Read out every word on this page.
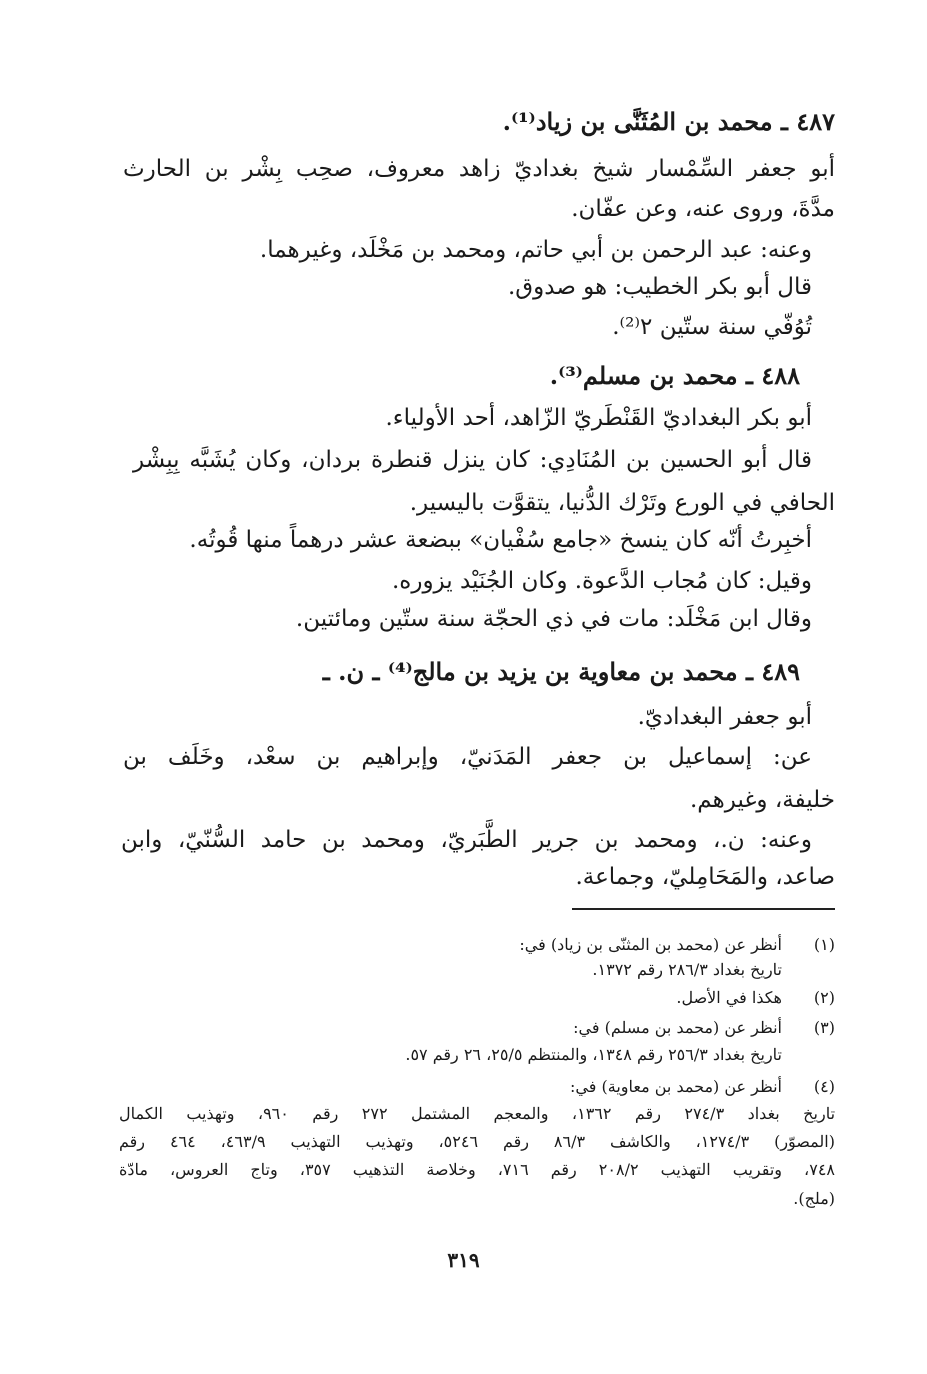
٤٨٧ ـ محمد بن المُثَنَّى بن زياد⁽¹⁾.
أبو جعفر السِّمْسار شيخ بغداديّ زاهد معروف، صحِب بِشْر بن الحارث
مدَّةَ، وروى عنه، وعن عفّان.
وعنه: عبد الرحمن بن أبي حاتم، ومحمد بن مَخْلَد، وغيرهما.
قال أبو بكر الخطيب: هو صدوق.
تُوُفّي سنة ستّين ٢⁽²⁾.
٤٨٨ ـ محمد بن مسلم⁽³⁾.
أبو بكر البغداديّ القَنْطَريّ الزّاهد، أحد الأولياء.
قال أبو الحسين بن المُنَادِي: كان ينزل قنطرة بردان، وكان يُشَبَّه بِبِشْر
الحافي في الورع وتَرْك الدُّنيا، يتقوَّت باليسير.
أخبِرتُ أنّه كان ينسخ «جامع سُفْيان» ببضعة عشر درهماً منها قُوتُه.
وقيل: كان مُجاب الدَّعوة. وكان الجُنَيْد يزوره.
وقال ابن مَخْلَد: مات في ذي الحجّة سنة ستّين ومائتين.
٤٨٩ ـ محمد بن معاوية بن يزيد بن مالج⁽⁴⁾ ـ ن. ـ
أبو جعفر البغداديّ.
عن: إسماعيل بن جعفر المَدَنيّ، وإبراهيم بن سعْد، وخَلَف بن
خليفة، وغيرهم.
وعنه: ن.، ومحمد بن جرير الطَّبَريّ، ومحمد بن حامد السُّنّيّ، وابن
صاعد، والمَحَامِليّ، وجماعة.
(١)
أنظر عن (محمد بن المثنّى بن زياد) في:
تاريخ بغداد ٢٨٦/٣ رقم ١٣٧٢.
(٢)
هكذا في الأصل.
(٣)
أنظر عن (محمد بن مسلم) في:
تاريخ بغداد ٢٥٦/٣ رقم ١٣٤٨، والمنتظم ٢٥/٥، ٢٦ رقم ٥٧.
(٤)
أنظر عن (محمد بن معاوية) في:
تاريخ بغداد ٢٧٤/٣ رقم ١٣٦٢، والمعجم المشتمل ٢٧٢ رقم ٩٦٠، وتهذيب الكمال
(المصوّر) ١٢٧٤/٣، والكاشف ٨٦/٣ رقم ٥٢٤٦، وتهذيب التهذيب ٤٦٣/٩، ٤٦٤ رقم
٧٤٨، وتقريب التهذيب ٢٠٨/٢ رقم ٧١٦، وخلاصة التذهيب ٣٥٧، وتاج العروس، مادّة
(ملج).
٣١٩
